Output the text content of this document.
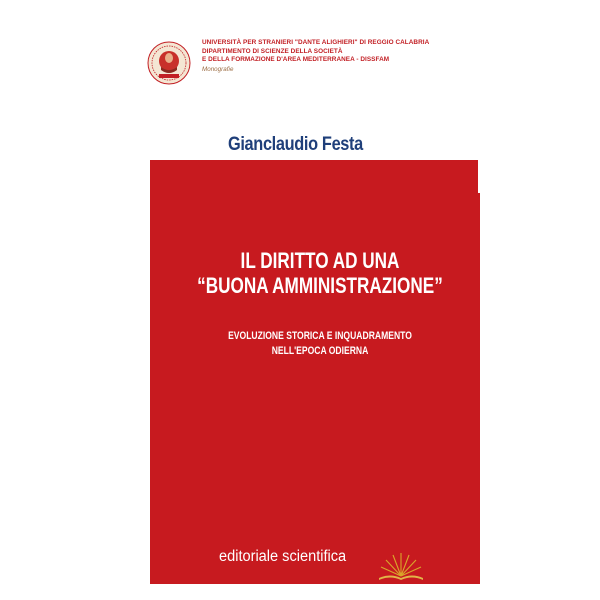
UNIVERSITÀ PER STRANIERI "DANTE ALIGHIERI" DI REGGIO CALABRIA
DIPARTIMENTO DI SCIENZE DELLA SOCIETÀ
E DELLA FORMAZIONE D'AREA MEDITERRANEA - DISSFAM
Monografie
Gianclaudio Festa
IL DIRITTO AD UNA
“BUONA AMMINISTRAZIONE”
EVOLUZIONE STORICA E INQUADRAMENTO
NELL'EPOCA ODIERNA
editoriale scientifica
